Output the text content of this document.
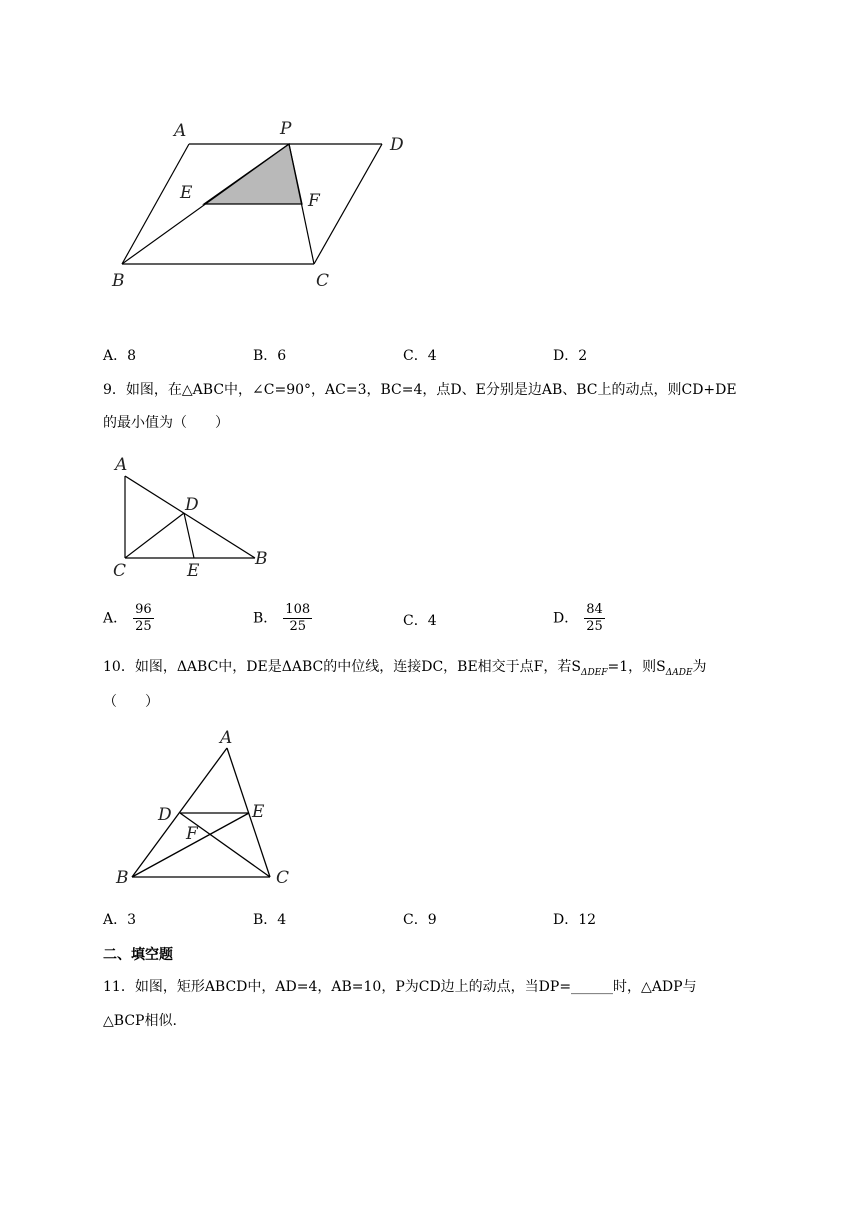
A	P
D
E	F
B	C
A．8	B．6	C．4	D．2
9．如图，在△ABC中，∠C=90°，AC=3，BC=4，点D、E分别是边AB、BC上的动点，则CD+DE
的最小值为（　　）
A
D
C	E
B
A． $\frac{96}{25}$	B． $\frac{108}{25}$	C．4	D． $\frac{84}{25}$
10．如图，ΔABC中，DE是ΔABC的中位线，连接DC，BE相交于点F，若$S_{\Delta DEF}=1$，则$S_{\Delta ADE}$为
（　　）
A
D	E
F
B	C
A．3	B．4	C．9	D．12
二、填空题
11．如图，矩形ABCD中，AD=4，AB=10，P为CD边上的动点，当DP=______时，△ADP与
△BCP相似.
